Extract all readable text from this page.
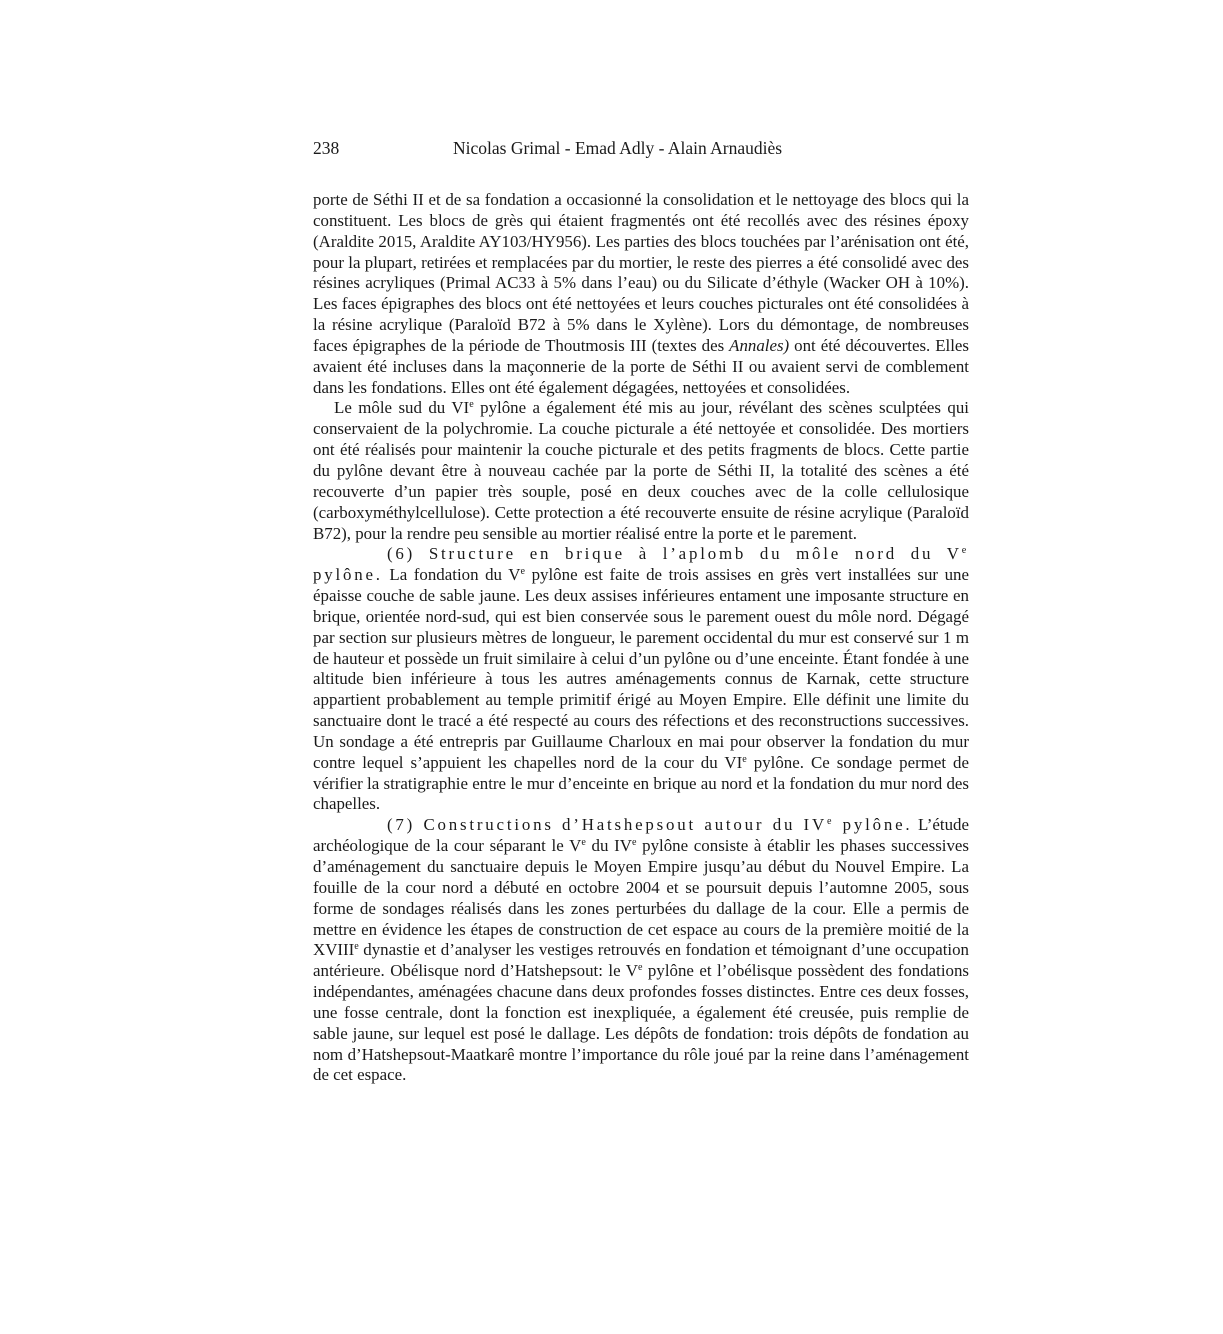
238	Nicolas Grimal - Emad Adly - Alain Arnaudiès

porte de Séthi II et de sa fondation a occasionné la consolidation et le nettoyage des blocs qui la constituent. Les blocs de grès qui étaient fragmentés ont été recollés avec des résines époxy (Araldite 2015, Araldite AY103/HY956). Les parties des blocs touchées par l’arénisation ont été, pour la plupart, retirées et remplacées par du mortier, le reste des pierres a été consolidé avec des résines acryliques (Primal AC33 à 5% dans l’eau) ou du Silicate d’éthyle (Wacker OH à 10%). Les faces épigraphes des blocs ont été nettoyées et leurs couches picturales ont été consolidées à la résine acrylique (Paraloïd B72 à 5% dans le Xylène). Lors du démontage, de nombreuses faces épigraphes de la période de Thoutmosis III (textes des Annales) ont été découvertes. Elles avaient été incluses dans la maçonnerie de la porte de Séthi II ou avaient servi de comblement dans les fondations. Elles ont été également dégagées, nettoyées et consolidées.

Le môle sud du VIe pylône a également été mis au jour, révélant des scènes sculptées qui conservaient de la polychromie. La couche picturale a été nettoyée et consolidée. Des mortiers ont été réalisés pour maintenir la couche picturale et des petits fragments de blocs. Cette partie du pylône devant être à nouveau cachée par la porte de Séthi II, la totalité des scènes a été recouverte d’un papier très souple, posé en deux couches avec de la colle cellulosique (carboxyméthylcellulose). Cette protection a été recouverte ensuite de résine acrylique (Paraloïd B72), pour la rendre peu sensible au mortier réalisé entre la porte et le parement.

(6) Structure en brique à l’aplomb du môle nord du Ve pylône. La fondation du Ve pylône est faite de trois assises en grès vert installées sur une épaisse couche de sable jaune. Les deux assises inférieures entament une imposante structure en brique, orientée nord-sud, qui est bien conservée sous le parement ouest du môle nord. Dégagé par section sur plusieurs mètres de longueur, le parement occidental du mur est conservé sur 1 m de hauteur et possède un fruit similaire à celui d’un pylône ou d’une enceinte. Étant fondée à une altitude bien inférieure à tous les autres aménagements connus de Karnak, cette structure appartient probablement au temple primitif érigé au Moyen Empire. Elle définit une limite du sanctuaire dont le tracé a été respecté au cours des réfections et des reconstructions successives. Un sondage a été entrepris par Guillaume Charloux en mai pour observer la fondation du mur contre lequel s’appuient les chapelles nord de la cour du VIe pylône. Ce sondage permet de vérifier la stratigraphie entre le mur d’enceinte en brique au nord et la fondation du mur nord des chapelles.

(7) Constructions d’Hatshepsout autour du IVe pylône. L’étude archéologique de la cour séparant le Ve du IVe pylône consiste à établir les phases successives d’aménagement du sanctuaire depuis le Moyen Empire jusqu’au début du Nouvel Empire. La fouille de la cour nord a débuté en octobre 2004 et se poursuit depuis l’automne 2005, sous forme de sondages réalisés dans les zones perturbées du dallage de la cour. Elle a permis de mettre en évidence les étapes de construction de cet espace au cours de la première moitié de la XVIIIe dynastie et d’analyser les vestiges retrouvés en fondation et témoignant d’une occupation antérieure. Obélisque nord d’Hatshepsout: le Ve pylône et l’obélisque possèdent des fondations indépendantes, aménagées chacune dans deux profondes fosses distinctes. Entre ces deux fosses, une fosse centrale, dont la fonction est inexpliquée, a également été creusée, puis remplie de sable jaune, sur lequel est posé le dallage. Les dépôts de fondation: trois dépôts de fondation au nom d’Hatshepsout-Maatkarê montre l’importance du rôle joué par la reine dans l’aménagement de cet espace.
